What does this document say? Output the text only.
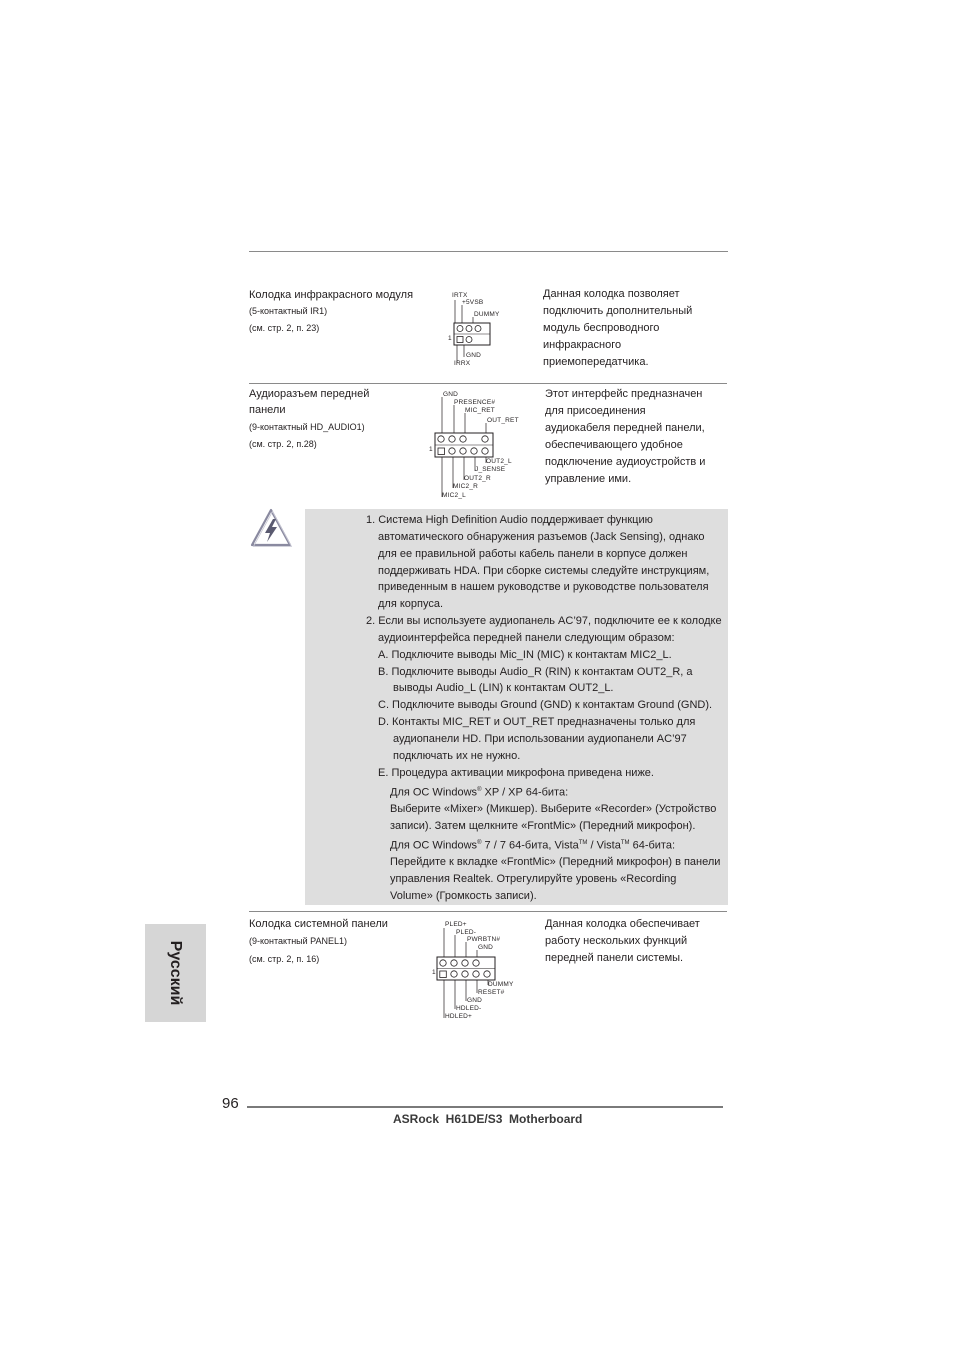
Колодка инфракрасного модуля
(5-контактный IR1)
(см. стр. 2, п. 23)
IRTX
+5VSB
DUMMY
1
GND
IRRX
Данная колодка позволяет
подключить дополнительный
модуль беспроводного
инфракрасного
приемопередатчика.
Аудиоразъем передней
панели
(9-контактный HD_AUDIO1)
(см. стр. 2, п.28)
GND
PRESENCE#
MIC_RET
OUT_RET
1
OUT2_L
J_SENSE
OUT2_R
MIC2_R
MIC2_L
Этот интерфейс предназначен
для присоединения
аудиокабеля передней панели,
обеспечивающего удобное
подключение аудиоустройств и
управление ими.
1. Система High Definition Audio поддерживает функцию
автоматического обнаружения разъемов (Jack Sensing), однако
для ее правильной работы кабель панели в корпусе должен
поддерживать HDA. При сборке системы следуйте инструкциям,
приведенным в нашем руководстве и руководстве пользователя
для корпуса.
2. Если вы используете аудиопанель AC’97, подключите ее к колодке
аудиоинтерфейса передней панели следующим образом:
A. Подключите выводы Mic_IN (MIC) к контактам MIC2_L.
B. Подключите выводы Audio_R (RIN) к контактам OUT2_R, а
выводы Audio_L (LIN) к контактам OUT2_L.
C. Подключите выводы Ground (GND) к контактам Ground (GND).
D. Контакты MIC_RET и OUT_RET предназначены только для
аудиопанели HD. При использовании аудиопанели AC’97
подключать их не нужно.
E. Процедура активации микрофона приведена ниже.
Для ОС Windows® XP / XP 64-бита:
Выберите «Mixer» (Микшер). Выберите «Recorder» (Устройство
записи). Затем щелкните «FrontMic» (Передний микрофон).
Для ОС Windows® 7 / 7 64-бита, Vista™ / Vista™ 64-бита:
Перейдите к вкладке «FrontMic» (Передний микрофон) в панели
управления Realtek. Отрегулируйте уровень «Recording
Volume» (Громкость записи).
Колодка системной панели
(9-контактный PANEL1)
(см. стр. 2, п. 16)
PLED+
PLED-
PWRBTN#
GND
1
DUMMY
RESET#
GND
HDLED-
HDLED+
Данная колодка обеспечивает
работу нескольких функций
передней панели системы.
Русский
96
ASRock  H61DE/S3  Motherboard
